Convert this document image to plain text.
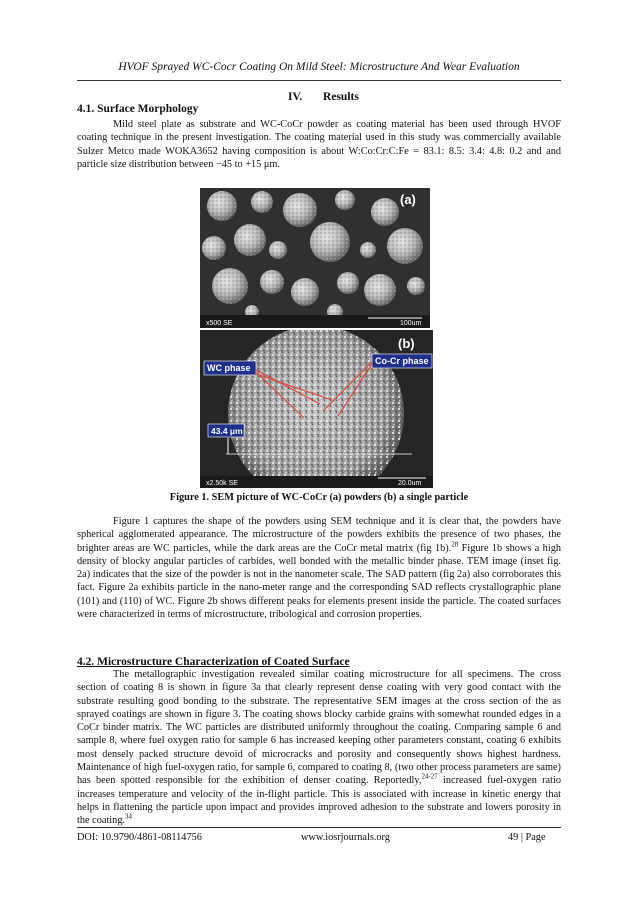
HVOF Sprayed WC-Cocr Coating On Mild Steel: Microstructure And Wear Evaluation
IV. Results
4.1. Surface Morphology

Mild steel plate as substrate and WC-CoCr powder as coating material has been used through HVOF coating technique in the present investigation. The coating material used in this study was commercially available Sulzer Metco made WOKA3652 having composition is about W:Co:Cr:C:Fe = 83.1: 8.5: 3.4: 4.8: 0.2 and and particle size distribution between −45 to +15 μm.

(a)
x500 SE	100um
(b)
WC phase
Co-Cr phase
43.4 μm
x2.50k SE	20.0um
Figure 1. SEM picture of WC-CoCr (a) powders (b) a single particle

Figure 1 captures the shape of the powders using SEM technique and it is clear that, the powders have spherical agglomerated appearance. The microstructure of the powders exhibits the presence of two phases, the brighter areas are WC particles, while the dark areas are the CoCr metal matrix (fig 1b).$^{28}$ Figure 1b shows a high density of blocky angular particles of carbides, well bonded with the metallic binder phase. TEM image (inset fig. 2a) indicates that the size of the powder is not in the nanometer scale. The SAD pattern (fig 2a) also corroborates this fact. Figure 2a exhibits particle in the nano-meter range and the corresponding SAD reflects crystallographic plane (101) and (110) of WC. Figure 2b shows different peaks for elements present inside the particle. The coated surfaces were characterized in terms of microstructure, tribological and corrosion properties.

4.2. Microstructure Characterization of Coated Surface

The metallographic investigation revealed similar coating microstructure for all specimens. The cross section of coating 8 is shown in figure 3a that clearly represent dense coating with very good contact with the substrate resulting good bonding to the substrate. The representative SEM images at the cross section of the as sprayed coatings are shown in figure 3. The coating shows blocky carbide grains with somewhat rounded edges in a CoCr binder matrix. The WC particles are distributed uniformly throughout the coating. Comparing sample 6 and sample 8, where fuel oxygen ratio for sample 6 has increased keeping other parameters constant, coating 6 exhibits most densely packed structure devoid of microcracks and porosity and consequently shows highest hardness. Maintenance of high fuel-oxygen ratio, for sample 6, compared to coating 8, (two other process parameters are same) has been spotted responsible for the exhibition of denser coating. Reportedly,$^{24-27}$ increased fuel-oxygen ratio increases temperature and velocity of the in-flight particle. This is associated with increase in kinetic energy that helps in flattening the particle upon impact and provides improved adhesion to the substrate and lowers porosity in the coating.$^{34}$

DOI: 10.9790/4861-08114756	www.iosrjournals.org	49 | Page
